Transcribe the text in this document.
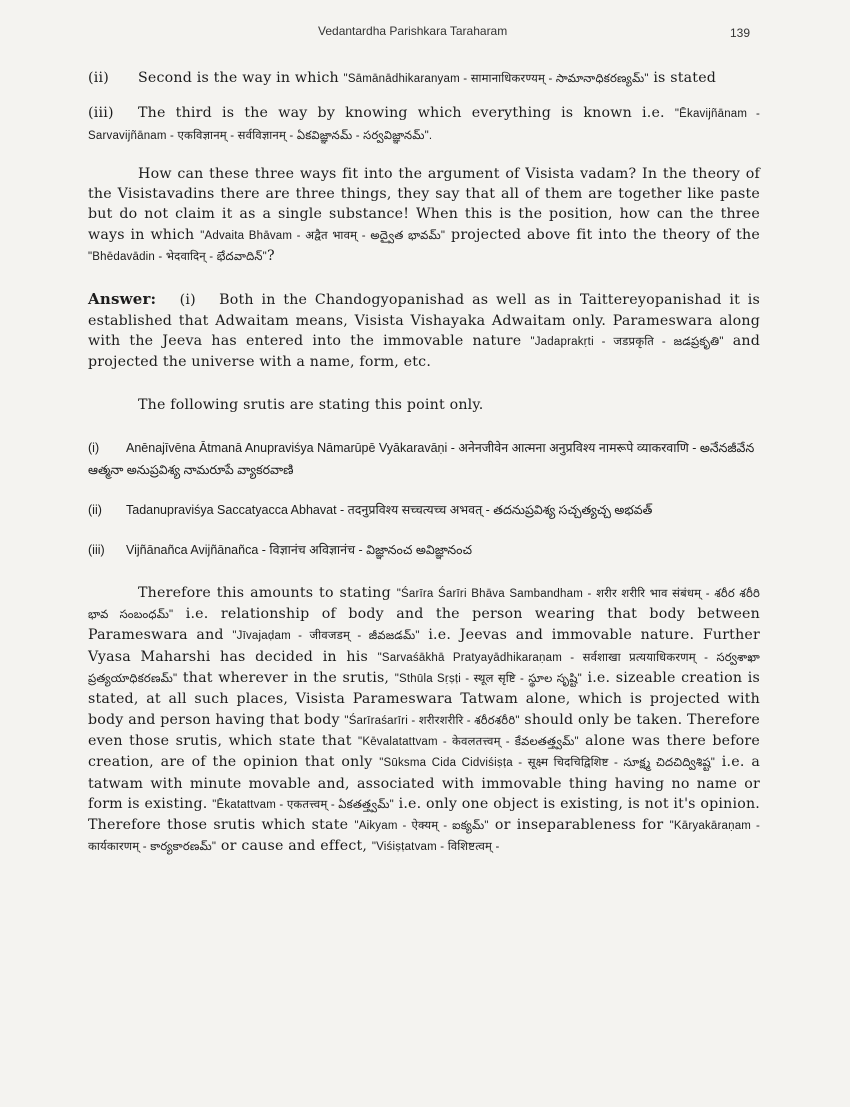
Vedantardha Parishkara Taraharam	139

(ii) Second is the way in which "Sāmānādhikaranyam - सामानाधिकरण्यम् - సామానాధికరణ్యమ్" is stated

(iii) The third is the way by knowing which everything is known i.e. "Ēkavijñānam - Sarvavijñānam - एकविज्ञानम् - सर्वविज्ञानम् - ఏకవిజ్ఞానమ్ - సర్వవిజ్ఞానమ్".

How can these three ways fit into the argument of Visista vadam? In the theory of the Visistavadins there are three things, they say that all of them are together like paste but do not claim it as a single substance! When this is the position, how can the three ways in which "Advaita Bhāvam - अद्वैत भावम् - అద్వైత భావమ్" projected above fit into the theory of the "Bhēdavādin - भेदवादिन् - భేదవాదిన్"?

Answer: (i) Both in the Chandogyopanishad as well as in Taittereyopanishad it is established that Adwaitam means, Visista Vishayaka Adwaitam only. Parameswara along with the Jeeva has entered into the immovable nature "Jadaprakṛti - जडप्रकृति - జడప్రకృతి" and projected the universe with a name, form, etc.

The following srutis are stating this point only.

(i) Anēnajīvēna Ātmanā Anupraviśya Nāmarūpē Vyākaravāṇi - अनेनजीवेन आत्मना अनुप्रविश्य नामरूपे व्याकरवाणि - అనేనజీవేన ఆత్మనా అనుప్రవిశ్య నామరూపే వ్యాకరవాణి

(ii) Tadanupraviśya Saccatyacca Abhavat - तदनुप्रविश्य सच्चत्यच्च अभवत् - తదనుప్రవిశ్య సచ్చత్యచ్చ అభవత్

(iii) Vijñānañca Avijñānañca - विज्ञानंच अविज्ञानंच - విజ్ఞానంచ అవిజ్ఞానంచ

Therefore this amounts to stating "Śarīra Śarīri Bhāva Sambandham - शरीर शरीरि भाव संबंधम् - శరీర శరీరి భావ సంబంధమ్" i.e. relationship of body and the person wearing that body between Parameswara and "Jīvajaḍam - जीवजडम् - జీవజడమ్" i.e. Jeevas and immovable nature. Further Vyasa Maharshi has decided in his "Sarvaśākhā Pratyayādhikaraṇam - सर्वशाखा प्रत्ययाधिकरणम् - సర్వశాఖా ప్రత్యయాధికరణమ్" that wherever in the srutis, "Sthūla Sṛṣṭi - स्थूल सृष्टि - స్థూల సృష్టి" i.e. sizeable creation is stated, at all such places, Visista Parameswara Tatwam alone, which is projected with body and person having that body "Śarīraśarīri - शरीरशरीरि - శరీరశరీరి" should only be taken. Therefore even those srutis, which state that "Kēvalatattvam - केवलतत्त्वम् - కేవలతత్త్వమ్" alone was there before creation, are of the opinion that only "Sūksma Cida Cidviśiṣṭa - सूक्ष्म चिदचिद्विशिष्ट - సూక్ష్మ చిదచిద్విశిష్ట" i.e. a tatwam with minute movable and, associated with immovable thing having no name or form is existing. "Ēkatattvam - एकतत्त्वम् - ఏకతత్త్వమ్" i.e. only one object is existing, is not it's opinion. Therefore those srutis which state "Aikyam - ऐक्यम् - ఐక్యమ్" or inseparableness for "Kāryakāraṇam - कार्यकारणम् - కార్యకారణమ్" or cause and effect, "Viśiṣṭatvam - विशिष्टत्वम् -
